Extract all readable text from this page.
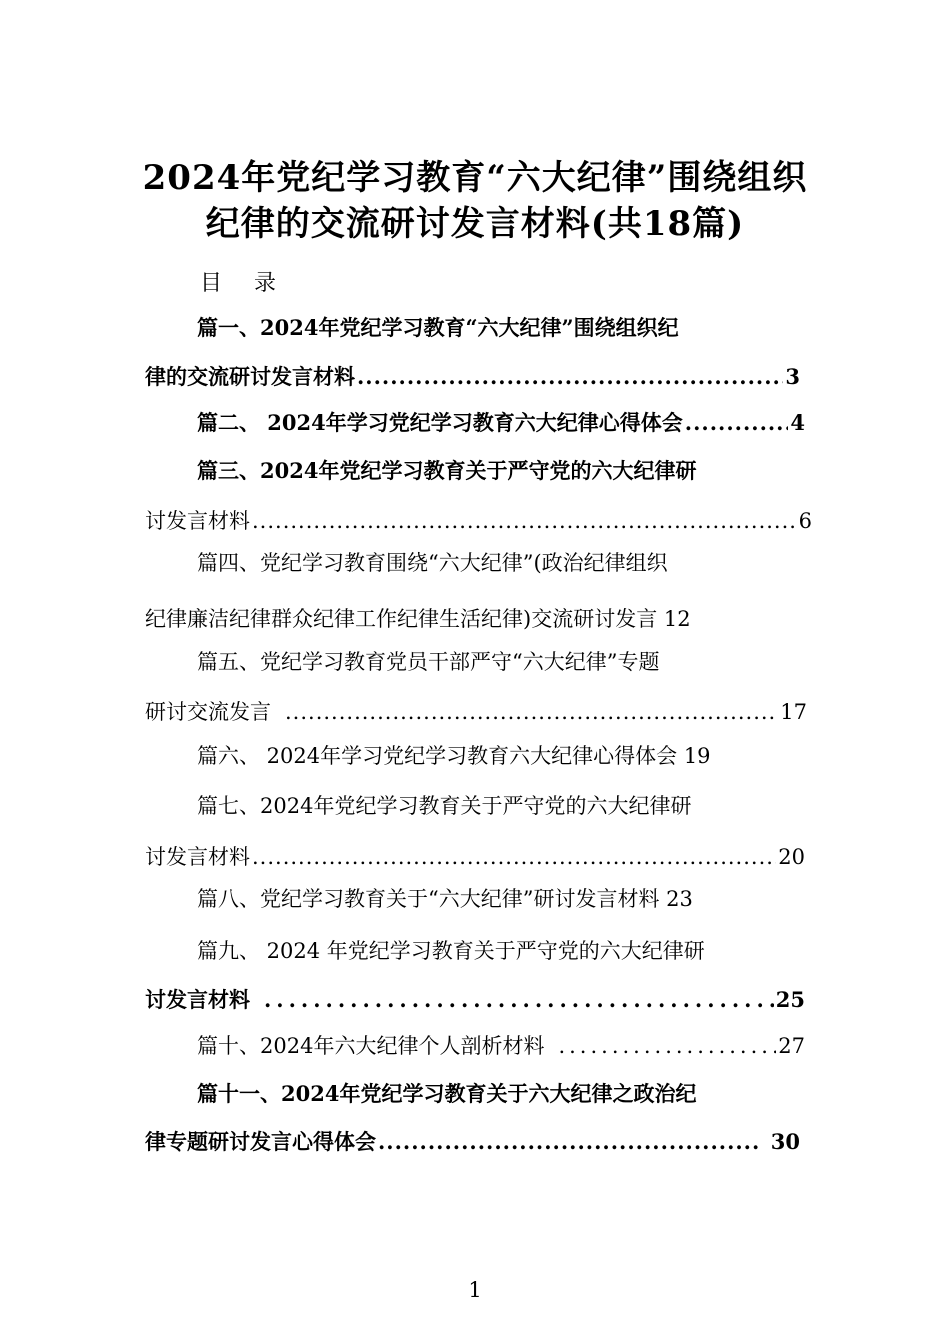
2024年党纪学习教育“六大纪律”围绕组织
纪律的交流研讨发言材料(共18篇)
目 录
篇一、2024年党纪学习教育“六大纪律”围绕组织纪
律的交流研讨发言材料 .....	3
篇二、 2024年学习党纪学习教育六大纪律心得体会 .....	4
篇三、2024年党纪学习教育关于严守党的六大纪律研
讨发言材料 .....	6
篇四、党纪学习教育围绕“六大纪律”(政治纪律组织
纪律廉洁纪律群众纪律工作纪律生活纪律)交流研讨发言 12
篇五、党纪学习教育党员干部严守“六大纪律”专题
研讨交流发言 .....	17
篇六、 2024年学习党纪学习教育六大纪律心得体会 19
篇七、2024年党纪学习教育关于严守党的六大纪律研
讨发言材料 .....	20
篇八、党纪学习教育关于“六大纪律”研讨发言材料 23
篇九、 2024 年党纪学习教育关于严守党的六大纪律研
讨发言材料 .....	25
篇十、2024年六大纪律个人剖析材料 .....	27
篇十一、2024年党纪学习教育关于六大纪律之政治纪
律专题研讨发言心得体会 .....	30
1
